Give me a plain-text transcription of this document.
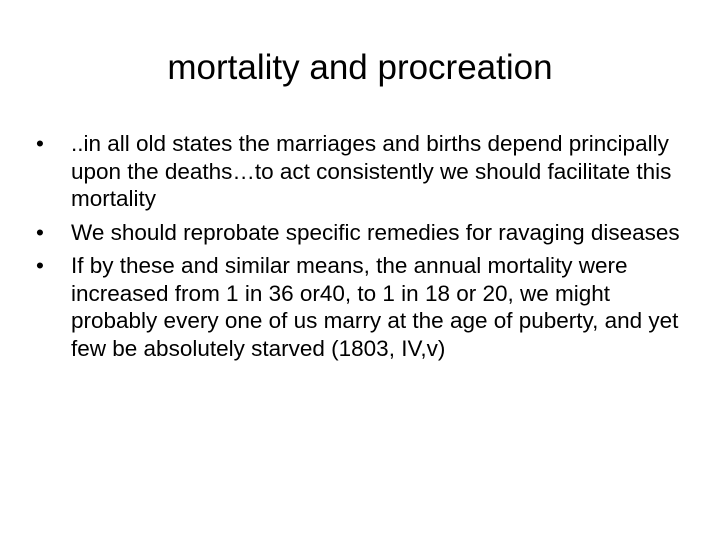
mortality and procreation
• ..in all old states the marriages and births depend principally upon the deaths…to act consistently we should facilitate this mortality
• We should reprobate specific remedies for ravaging diseases
• If by these and similar means, the annual mortality were increased from 1 in 36 or40, to 1 in 18 or 20, we might probably every one of us marry at the age of puberty, and yet few be absolutely starved (1803, IV,v)
